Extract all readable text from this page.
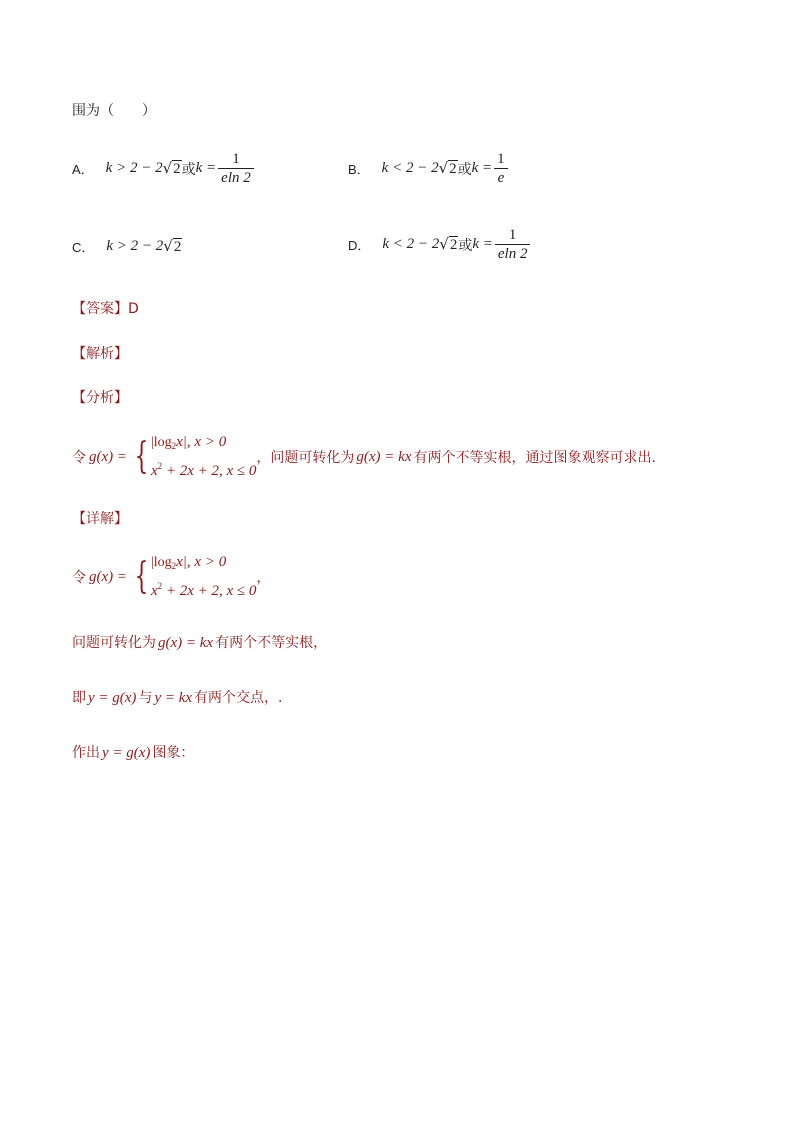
围为（　　）
A． k > 2 − 2 √2 或 $k = \frac{1}{eln 2}$	B． k < 2 − 2 √2 或 $k = \frac{1}{e}$
C． k > 2 − 2 √2	D． k < 2 − 2 √2 或 $k = \frac{1}{eln 2}$
【答案】D
【解析】
【分析】
令 g(x) = { $|\log_2x|$, x > 0
$x^2 + 2x + 2$, x ≤ 0
，问题可转化为 g(x) = kx 有两个不等实根，通过图象观察可求出.
【详解】
令 g(x) = { $|\log_2x|$, x > 0
$x^2 + 2x + 2$, x ≤ 0
，
问题可转化为 g(x) = kx 有两个不等实根，
即 y = g(x) 与 y = kx 有两个交点，.
作出 y = g(x) 图象：
